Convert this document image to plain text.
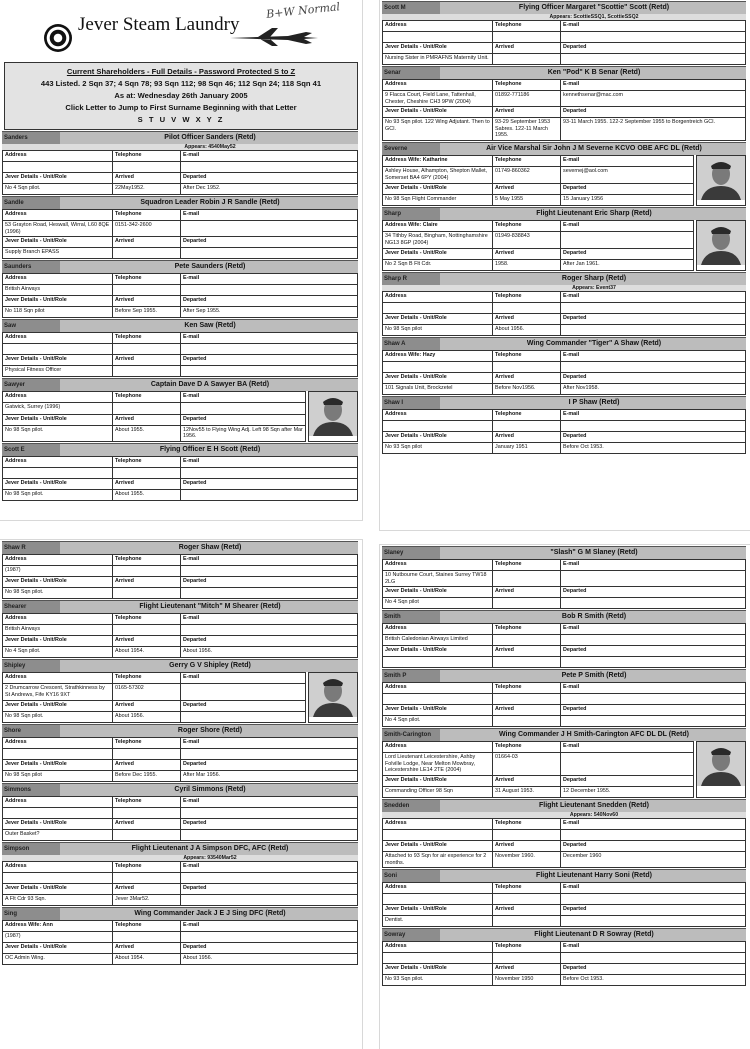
Jever Steam Laundry
B+W Normal
Current Shareholders - Full Details - Password Protected S to Z
443 Listed. 2 Sqn 37; 4 Sqn 78; 93 Sqn 112; 98 Sqn 46; 112 Sqn 24; 118 Sqn 41
As at: Wednesday 26th January 2005
Click Letter to Jump to First Surname Beginning with that Letter
S T U V W X Y Z
Sanders	Pilot Officer Sanders (Retd)
Appears: 4540May52
Address	Telephone	E-mail

Jever Details - Unit/Role	Arrived	Departed
No 4 Sqn pilot.	22May1952.	After Dec 1952.
Sandle	Squadron Leader Robin J R Sandle (Retd)
Address	Telephone	E-mail
53 Grayton Road, Heswall, Wirral, L60 8QE (1996)	0151-342-2600	
Jever Details - Unit/Role	Arrived	Departed
Supply Branch EPASS		
Saunders	Pete Saunders (Retd)
Address	Telephone	E-mail
British Airways		
Jever Details - Unit/Role	Arrived	Departed
No 118 Sqn pilot	Before Sep 1955.	After Sep 1955.
Saw	Ken Saw (Retd)
Address	Telephone	E-mail

Jever Details - Unit/Role	Arrived	Departed
Physical Fitness Officer		
Sawyer	Captain Dave D A Sawyer BA (Retd)
Address	Telephone	E-mail
Gatwick, Surrey (1996)		
Jever Details - Unit/Role	Arrived	Departed
No 98 Sqn pilot.	About 1955.	12Nov55 to Flying Wing Adj. Left 98 Sqn after Mar 1956.
Scott E	Flying Officer E H Scott (Retd)
Address	Telephone	E-mail

Jever Details - Unit/Role	Arrived	Departed
No 98 Sqn pilot.	About 1955.	
Scott M	Flying Officer Margaret "Scottie" Scott (Retd)
Appears: ScottieSSQ1, ScottieSSQ2
Address	Telephone	E-mail

Jever Details - Unit/Role	Arrived	Departed
Nursing Sister in PMRAFNS Maternity Unit.		
Senar	Ken "Pod" K B Senar (Retd)
Address	Telephone	E-mail
9 Flacca Court, Field Lane, Tattenhall, Chester, Cheshire CH3 9PW (2004)	01892-771186	kennethsenar@mac.com
Jever Details - Unit/Role	Arrived	Departed
No 93 Sqn pilot. 122 Wing Adjutant. Then to GCI.	93-29 September 1953 Sabres. 122-11 March 1955.	93-11 March 1955. 122-2 September 1955 to Borgentreich GCI.
Severne	Air Vice Marshal Sir John J M Severne KCVO OBE AFC DL (Retd)
Address Wife: Katharine	Telephone	E-mail
Ashley House, Alhampton, Shepton Mallet, Somerset BA4 6PY (2004)	01749-860362	severnej@aol.com
Jever Details - Unit/Role	Arrived	Departed
No 98 Sqn Flight Commander	5 May 1955	15 January 1956
Sharp	Flight Lieutenant Eric Sharp (Retd)
Address Wife: Claire	Telephone	E-mail
34 Tithby Road, Bingham, Nottinghamshire NG13 8GP (2004)	01949-838843	
Jever Details - Unit/Role	Arrived	Departed
No 2 Sqn B Flt Cdr.	1958.	After Jan 1961.
Sharp R	Roger Sharp (Retd)
Appears: Event37
Address	Telephone	E-mail

Jever Details - Unit/Role	Arrived	Departed
No 98 Sqn pilot	About 1956.	
Shaw A	Wing Commander "Tiger" A Shaw (Retd)
Address Wife: Hazy	Telephone	E-mail

Jever Details - Unit/Role	Arrived	Departed
101 Signals Unit, Brockzetel	Before Nov1956.	After Nov1958.
Shaw I	I P Shaw (Retd)
Address	Telephone	E-mail

Jever Details - Unit/Role	Arrived	Departed
No 93 Sqn pilot	January 1951	Before Oct 1953.
Shaw R	Roger Shaw (Retd)
Address	Telephone	E-mail
(1987)		
Jever Details - Unit/Role	Arrived	Departed
No 98 Sqn pilot.		
Shearer	Flight Lieutenant "Mitch" M Shearer (Retd)
Address	Telephone	E-mail
British Airways		
Jever Details - Unit/Role	Arrived	Departed
No 4 Sqn pilot.	About 1954.	About 1956.
Shipley	Gerry G V Shipley (Retd)
Address	Telephone	E-mail
2 Drumcarrow Crescent, Strathkinness by St Andrews, Fife KY16 9XT	0165-57302	
Jever Details - Unit/Role	Arrived	Departed
No 98 Sqn pilot.	About 1956.	
Shore	Roger Shore (Retd)
Address	Telephone	E-mail

Jever Details - Unit/Role	Arrived	Departed
No 98 Sqn pilot	Before Dec 1955.	After Mar 1956.
Simmons	Cyril Simmons (Retd)
Address	Telephone	E-mail

Jever Details - Unit/Role	Arrived	Departed
Outer Basket?		
Simpson	Flight Lieutenant J A Simpson DFC, AFC (Retd)
Appears: 93540Mar52
Address	Telephone	E-mail

Jever Details - Unit/Role	Arrived	Departed
A Flt Cdr 93 Sqn.	Jever 3Mar52.	
Sing	Wing Commander Jack J E J Sing DFC (Retd)
Address Wife: Ann	Telephone	E-mail
(1987)		
Jever Details - Unit/Role	Arrived	Departed
OC Admin Wing.	About 1954.	About 1956.
Slaney	"Slash" G M Slaney (Retd)
Address	Telephone	E-mail
10 Nutbourne Court, Staines Surrey TW18 2LG		
Jever Details - Unit/Role	Arrived	Departed
No 4 Sqn pilot		
Smith	Bob R Smith (Retd)
Address	Telephone	E-mail
British Caledonian Airways Limited		
Jever Details - Unit/Role	Arrived	Departed

Smith P	Pete P Smith (Retd)
Address	Telephone	E-mail

Jever Details - Unit/Role	Arrived	Departed
No 4 Sqn pilot.		
Smith-Carington	Wing Commander J H Smith-Carington AFC DL DL (Retd)
Address	Telephone	E-mail
Lord Lieutenant Leicestershire, Ashby Folville Lodge, Near Melton Mowbray, Leicestershire LE14 2TE (2004)	01664-03	
Jever Details - Unit/Role	Arrived	Departed
Commanding Officer 98 Sqn	31 August 1953.	12 December 1955.
Snedden	Flight Lieutenant Snedden (Retd)
Appears: 540Nov60
Address	Telephone	E-mail

Jever Details - Unit/Role	Arrived	Departed
Attached to 93 Sqn for air experience for 2 months.	November 1960.	December 1960
Soni	Flight Lieutenant Harry Soni (Retd)
Address	Telephone	E-mail

Jever Details - Unit/Role	Arrived	Departed
Dentist.		
Sowray	Flight Lieutenant D R Sowray (Retd)
Address	Telephone	E-mail

Jever Details - Unit/Role	Arrived	Departed
No 93 Sqn pilot.	November 1950	Before Oct 1953.
